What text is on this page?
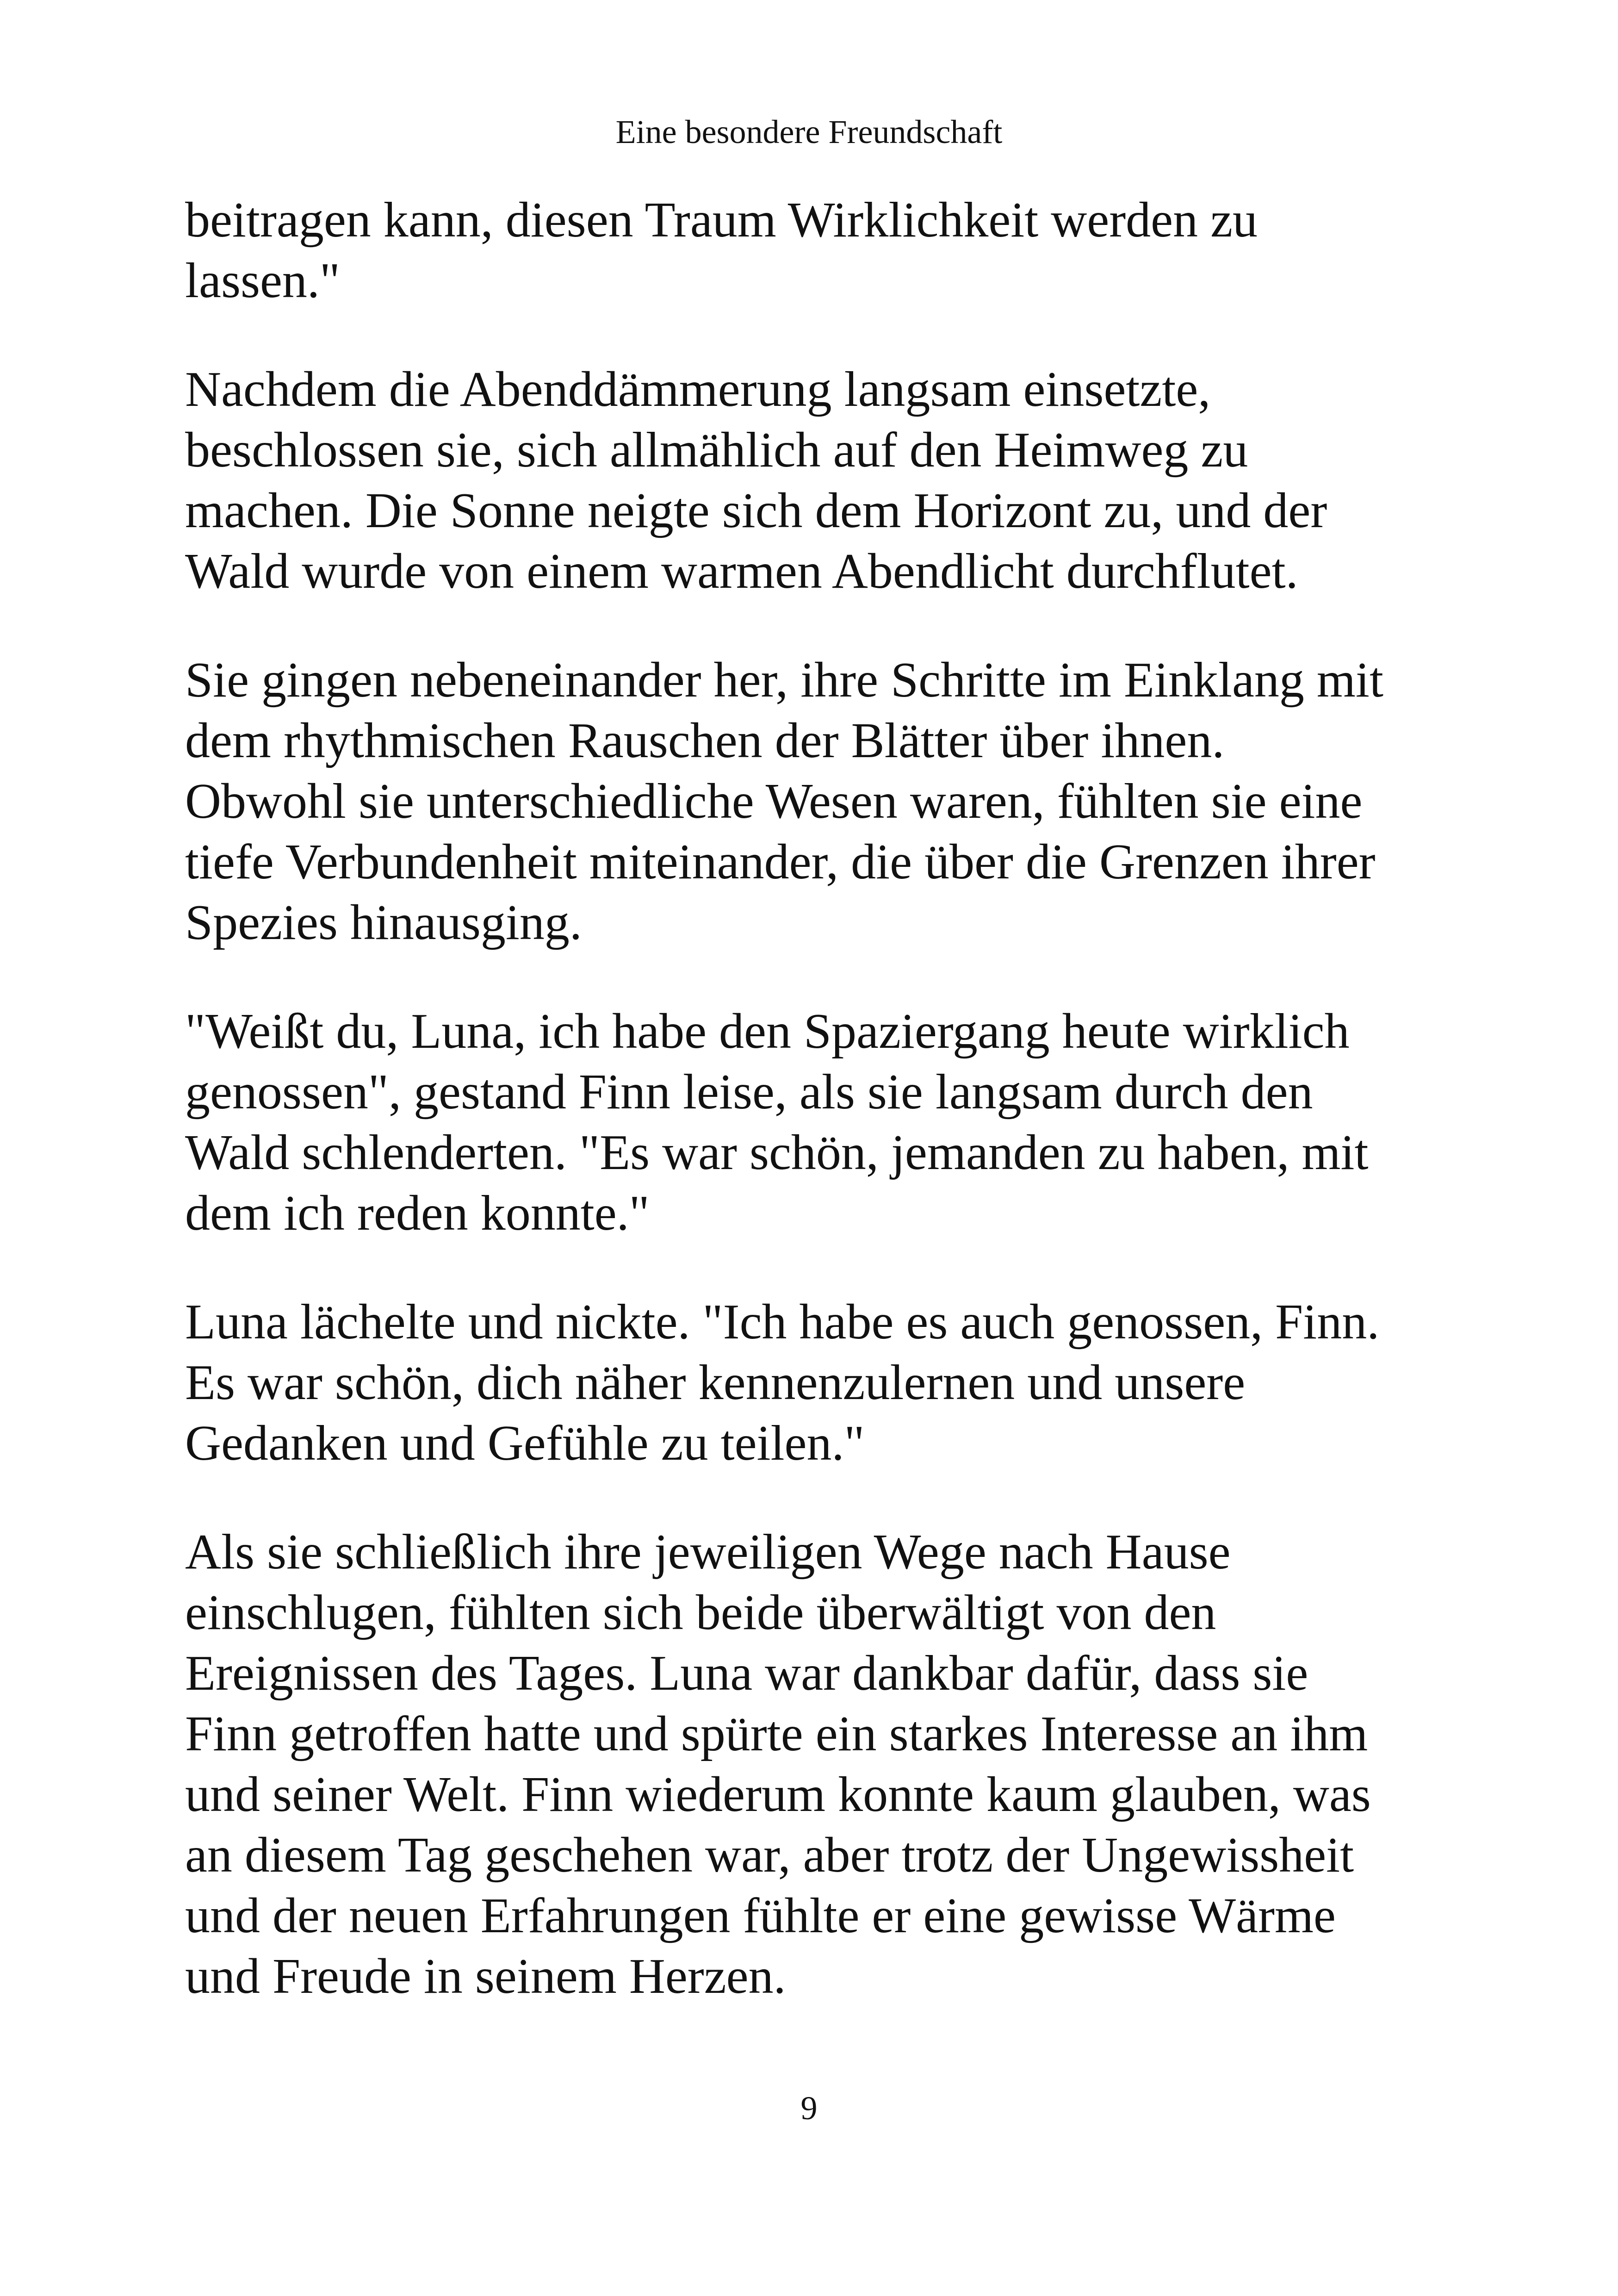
Eine besondere Freundschaft

beitragen kann, diesen Traum Wirklichkeit werden zu
lassen."

Nachdem die Abenddämmerung langsam einsetzte,
beschlossen sie, sich allmählich auf den Heimweg zu
machen. Die Sonne neigte sich dem Horizont zu, und der
Wald wurde von einem warmen Abendlicht durchflutet.

Sie gingen nebeneinander her, ihre Schritte im Einklang mit
dem rhythmischen Rauschen der Blätter über ihnen.
Obwohl sie unterschiedliche Wesen waren, fühlten sie eine
tiefe Verbundenheit miteinander, die über die Grenzen ihrer
Spezies hinausging.

"Weißt du, Luna, ich habe den Spaziergang heute wirklich
genossen", gestand Finn leise, als sie langsam durch den
Wald schlenderten. "Es war schön, jemanden zu haben, mit
dem ich reden konnte."

Luna lächelte und nickte. "Ich habe es auch genossen, Finn.
Es war schön, dich näher kennenzulernen und unsere
Gedanken und Gefühle zu teilen."

Als sie schließlich ihre jeweiligen Wege nach Hause
einschlugen, fühlten sich beide überwältigt von den
Ereignissen des Tages. Luna war dankbar dafür, dass sie
Finn getroffen hatte und spürte ein starkes Interesse an ihm
und seiner Welt. Finn wiederum konnte kaum glauben, was
an diesem Tag geschehen war, aber trotz der Ungewissheit
und der neuen Erfahrungen fühlte er eine gewisse Wärme
und Freude in seinem Herzen.

9
